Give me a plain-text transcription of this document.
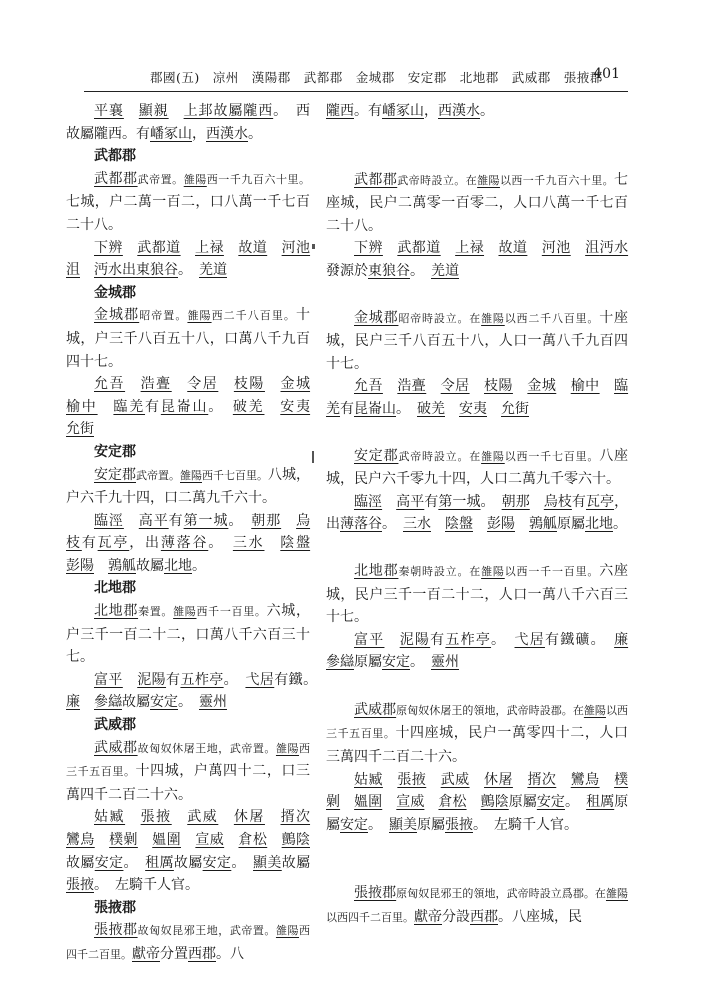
郡國(五)　凉州　漢陽郡　武都郡　金城郡　安定郡　北地郡　武威郡　張掖郡
401

平襄　 顯親　 上邽故屬隴西。　西故屬隴西。有嶓冢山，西漢水。

武都郡

武都郡武帝置。雒陽西一千九百六十里。七城，户二萬一百二，口八萬一千七百二十八。

下辨　 武都道　 上禄　 故道　 河池　沮　 沔水出東狼谷。　羌道

金城郡

金城郡昭帝置。雒陽西二千八百里。十城，户三千八百五十八，口萬八千九百四十七。

允吾　 浩亹　 令居　 枝陽　 金城　榆中　 臨羌有昆崙山。　破羌　 安夷　允街

安定郡

安定郡武帝置。雒陽西千七百里。八城，户六千九十四，口二萬九千六十。

臨涇　 高平有第一城。　 朝那　 烏枝有瓦亭，出薄落谷。　 三水　 陰盤　彭陽　 鶉觚故屬北地。

北地郡

北地郡秦置。雒陽西千一百里。六城，户三千一百二十二，口萬八千六百三十七。

富平　 泥陽有五柞亭。　 弋居有鐵。　廉　 參䜌故屬安定。　 靈州

武威郡

武威郡故匈奴休屠王地，武帝置。雒陽西三千五百里。十四城，户萬四十二，口三萬四千二百二十六。

姑臧　 張掖　 武威　 休屠　 揟次　鸞鳥　 樸劋　 媼圍　 宣威　 倉松　 鸇陰故屬安定。　 租厲故屬安定。　 顯美故屬張掖。　 左騎千人官。

張掖郡

張掖郡故匈奴昆邪王地，武帝置。雒陽西四千二百里。獻帝分置西郡。八

隴西。有嶓冢山，西漢水。

武都郡武帝時設立。在雒陽以西一千九百六十里。七座城，民户二萬零一百零二，人口八萬一千七百二十八。

下辨　 武都道　 上禄　 故道　 河池　 沮沔水發源於東狼谷。　 羌道

金城郡昭帝時設立。在雒陽以西二千八百里。十座城，民户三千八百五十八，人口一萬八千九百四十七。

允吾　 浩亹　 令居　 枝陽　 金城　 榆中　 臨羌有昆崙山。　 破羌　 安夷　 允街

安定郡武帝時設立。在雒陽以西一千七百里。八座城，民户六千零九十四，人口二萬九千零六十。

臨涇　 高平有第一城。　 朝那　 烏枝有瓦亭，出薄落谷。　 三水　 陰盤　 彭陽　 鶉觚原屬北地。

北地郡秦朝時設立。在雒陽以西一千一百里。六座城，民户三千一百二十二，人口一萬八千六百三十七。

富平　 泥陽有五柞亭。　 弋居有鐵礦。　 廉　參䜌原屬安定。　 靈州

武威郡原匈奴休屠王的領地，武帝時設郡。在雒陽以西三千五百里。十四座城，民户一萬零四十二，人口三萬四千二百二十六。

姑臧　 張掖　 武威　 休屠　 揟次　 鸞鳥　 樸劋　 媼圍　 宣威　 倉松　 鸇陰原屬安定。　 租厲原屬安定。　 顯美原屬張掖。　 左騎千人官。

張掖郡原匈奴昆邪王的領地，武帝時設立爲郡。在雒陽以西四千二百里。獻帝分設西郡。八座城，民
